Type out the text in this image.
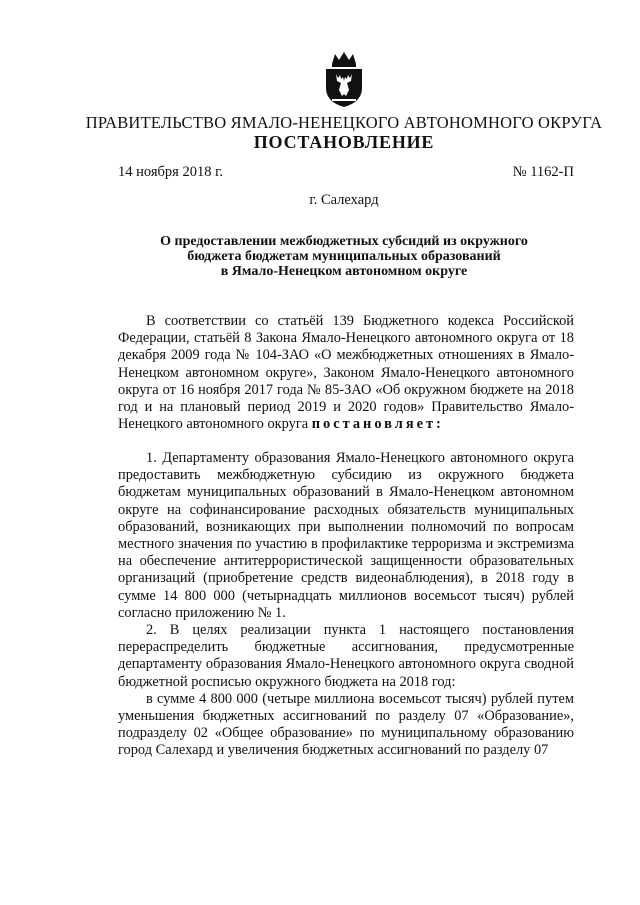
ПРАВИТЕЛЬСТВО ЯМАЛО-НЕНЕЦКОГО АВТОНОМНОГО ОКРУГА
ПОСТАНОВЛЕНИЕ
14 ноября 2018 г.	№ 1162-П
г. Салехард
О предоставлении межбюджетных субсидий из окружного
бюджета бюджетам муниципальных образований
в Ямало-Ненецком автономном округе

В соответствии со статьёй 139 Бюджетного кодекса Российской Федерации, статьёй 8 Закона Ямало-Ненецкого автономного округа от 18 декабря 2009 года № 104-ЗАО «О межбюджетных отношениях в Ямало-Ненецком автономном округе», Законом Ямало-Ненецкого автономного округа от 16 ноября 2017 года № 85-ЗАО «Об окружном бюджете на 2018 год и на плановый период 2019 и 2020 годов» Правительство Ямало-Ненецкого автономного округа постановляет:

1. Департаменту образования Ямало-Ненецкого автономного округа предоставить межбюджетную субсидию из окружного бюджета бюджетам муниципальных образований в Ямало-Ненецком автономном округе на софинансирование расходных обязательств муниципальных образований, возникающих при выполнении полномочий по вопросам местного значения по участию в профилактике терроризма и экстремизма на обеспечение антитеррористической защищенности образовательных организаций (приобретение средств видеонаблюдения), в 2018 году в сумме 14 800 000 (четырнадцать миллионов восемьсот тысяч) рублей согласно приложению № 1.

2. В целях реализации пункта 1 настоящего постановления перераспределить бюджетные ассигнования, предусмотренные департаменту образования Ямало-Ненецкого автономного округа сводной бюджетной росписью окружного бюджета на 2018 год:

в сумме 4 800 000 (четыре миллиона восемьсот тысяч) рублей путем уменьшения бюджетных ассигнований по разделу 07 «Образование», подразделу 02 «Общее образование» по муниципальному образованию город Салехард и увеличения бюджетных ассигнований по разделу 07
